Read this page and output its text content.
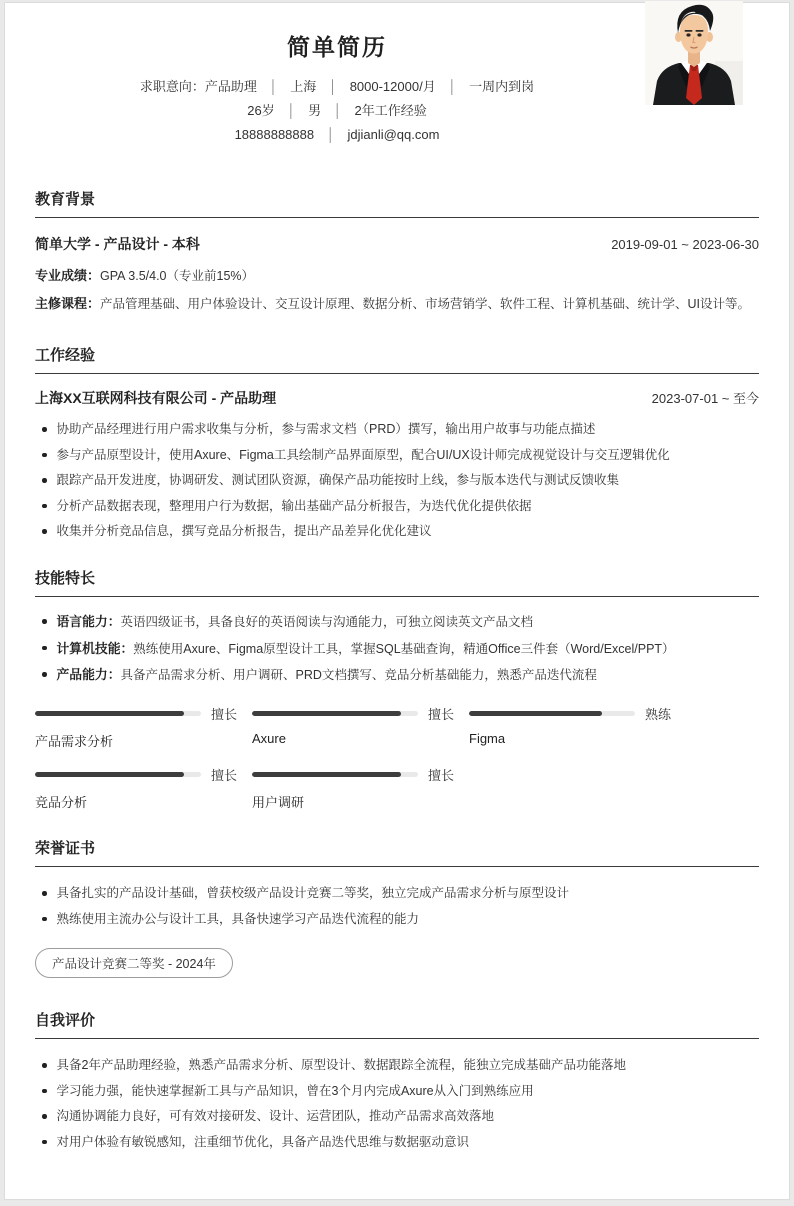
简单简历
求职意向：产品助理 │ 上海 │ 8000-12000/月 │ 一周内到岗
26岁 │ 男 │ 2年工作经验
18888888888 │ jdjianli@qq.com
教育背景
简单大学 - 产品设计 - 本科	2019-09-01 ~ 2023-06-30
专业成绩：GPA 3.5/4.0（专业前15%）
主修课程：产品管理基础、用户体验设计、交互设计原理、数据分析、市场营销学、软件工程、计算机基础、统计学、UI设计等。
工作经验
上海XX互联网科技有限公司 - 产品助理	2023-07-01 ~ 至今
协助产品经理进行用户需求收集与分析，参与需求文档（PRD）撰写，输出用户故事与功能点描述
参与产品原型设计，使用Axure、Figma工具绘制产品界面原型，配合UI/UX设计师完成视觉设计与交互逻辑优化
跟踪产品开发进度，协调研发、测试团队资源，确保产品功能按时上线，参与版本迭代与测试反馈收集
分析产品数据表现，整理用户行为数据，输出基础产品分析报告，为迭代优化提供依据
收集并分析竞品信息，撰写竞品分析报告，提出产品差异化优化建议
技能特长
语言能力：英语四级证书，具备良好的英语阅读与沟通能力，可独立阅读英文产品文档
计算机技能：熟练使用Axure、Figma原型设计工具，掌握SQL基础查询，精通Office三件套（Word/Excel/PPT）
产品能力：具备产品需求分析、用户调研、PRD文档撰写、竞品分析基础能力，熟悉产品迭代流程
擅长
产品需求分析
擅长
Axure
熟练
Figma
擅长
竞品分析
擅长
用户调研
荣誉证书
具备扎实的产品设计基础，曾获校级产品设计竞赛二等奖，独立完成产品需求分析与原型设计
熟练使用主流办公与设计工具，具备快速学习产品迭代流程的能力
产品设计竞赛二等奖 - 2024年
自我评价
具备2年产品助理经验，熟悉产品需求分析、原型设计、数据跟踪全流程，能独立完成基础产品功能落地
学习能力强，能快速掌握新工具与产品知识，曾在3个月内完成Axure从入门到熟练应用
沟通协调能力良好，可有效对接研发、设计、运营团队，推动产品需求高效落地
对用户体验有敏锐感知，注重细节优化，具备产品迭代思维与数据驱动意识
